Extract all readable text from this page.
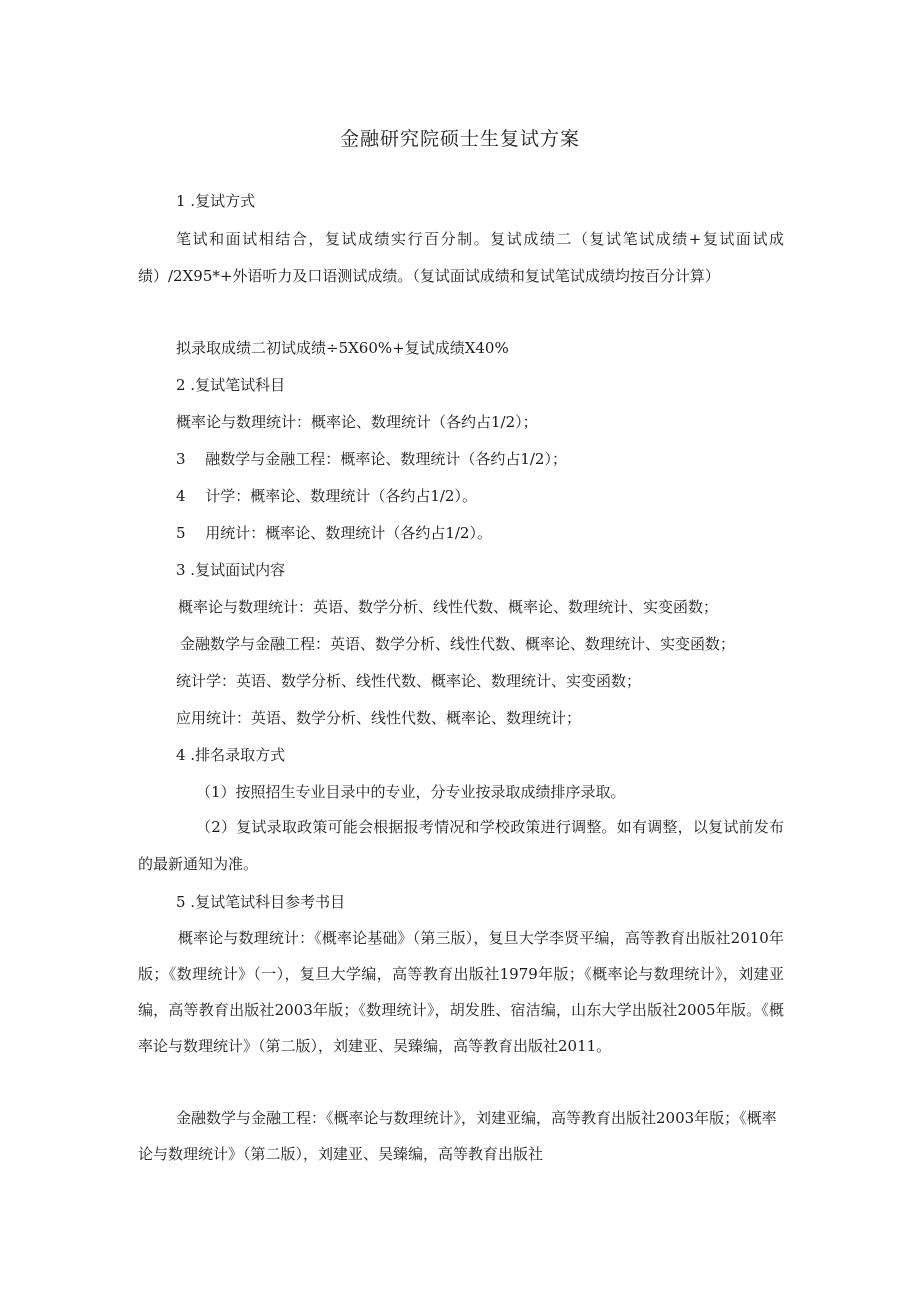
金融研究院硕士生复试方案
1 .复试方式
笔试和面试相结合，复试成绩实行百分制。复试成绩二（复试笔试成绩+复试面试成绩）/2X95*+外语听力及口语测试成绩。（复试面试成绩和复试笔试成绩均按百分计算）
拟录取成绩二初试成绩÷5X60%+复试成绩X40%
2 .复试笔试科目
概率论与数理统计：概率论、数理统计（各约占1/2）；
3　 融数学与金融工程：概率论、数理统计（各约占1/2）；
4　 计学：概率论、数理统计（各约占1/2）。
5　 用统计：概率论、数理统计（各约占1/2）。
3 .复试面试内容
概率论与数理统计：英语、数学分析、线性代数、概率论、数理统计、实变函数；
金融数学与金融工程：英语、数学分析、线性代数、概率论、数理统计、实变函数；
统计学：英语、数学分析、线性代数、概率论、数理统计、实变函数；
应用统计：英语、数学分析、线性代数、概率论、数理统计；
4 .排名录取方式
（1）按照招生专业目录中的专业，分专业按录取成绩排序录取。
（2）复试录取政策可能会根据报考情况和学校政策进行调整。如有调整，以复试前发布的最新通知为准。
5 .复试笔试科目参考书目
概率论与数理统计：《概率论基础》（第三版），复旦大学李贤平编，高等教育出版社2010年版；《数理统计》（一），复旦大学编，高等教育出版社1979年版；《概率论与数理统计》，刘建亚编，高等教育出版社2003年版；《数理统计》，胡发胜、宿洁编，山东大学出版社2005年版。《概率论与数理统计》（第二版），刘建亚、吴臻编，高等教育出版社2011。
金融数学与金融工程：《概率论与数理统计》，刘建亚编，高等教育出版社2003年版；《概率论与数理统计》（第二版），刘建亚、吴臻编，高等教育出版社
